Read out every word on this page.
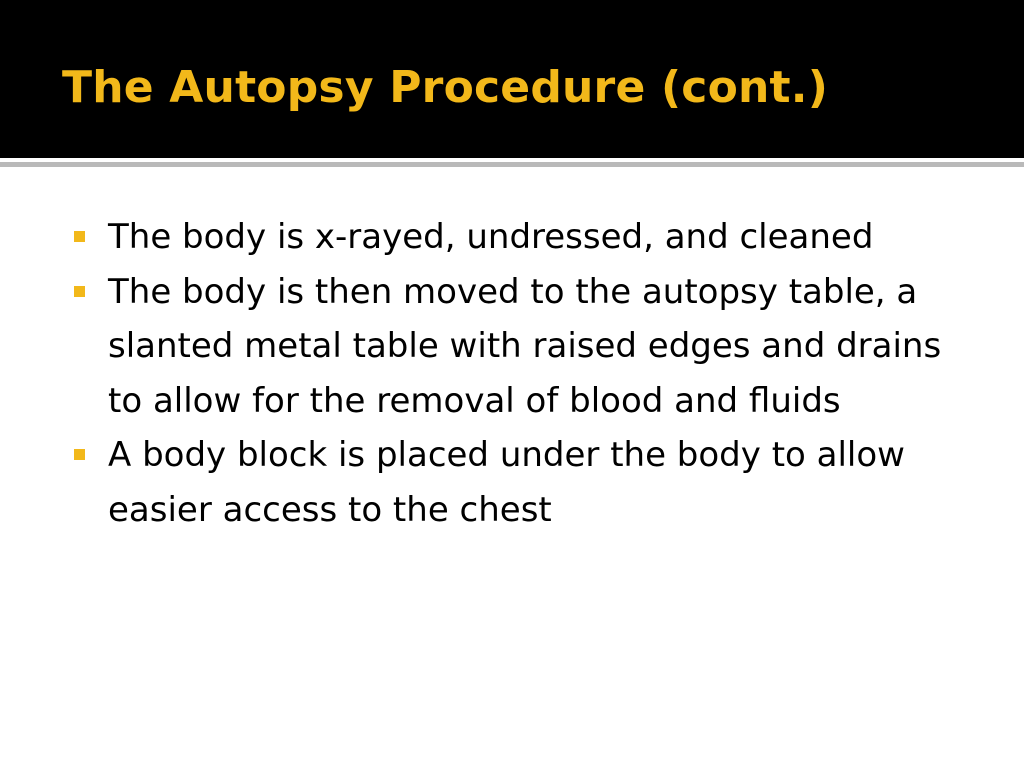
The Autopsy Procedure (cont.)
The body is x-rayed, undressed, and cleaned
The body is then moved to the autopsy table, a slanted metal table with raised edges and drains to allow for the removal of blood and fluids
A body block is placed under the body to allow easier access to the chest
